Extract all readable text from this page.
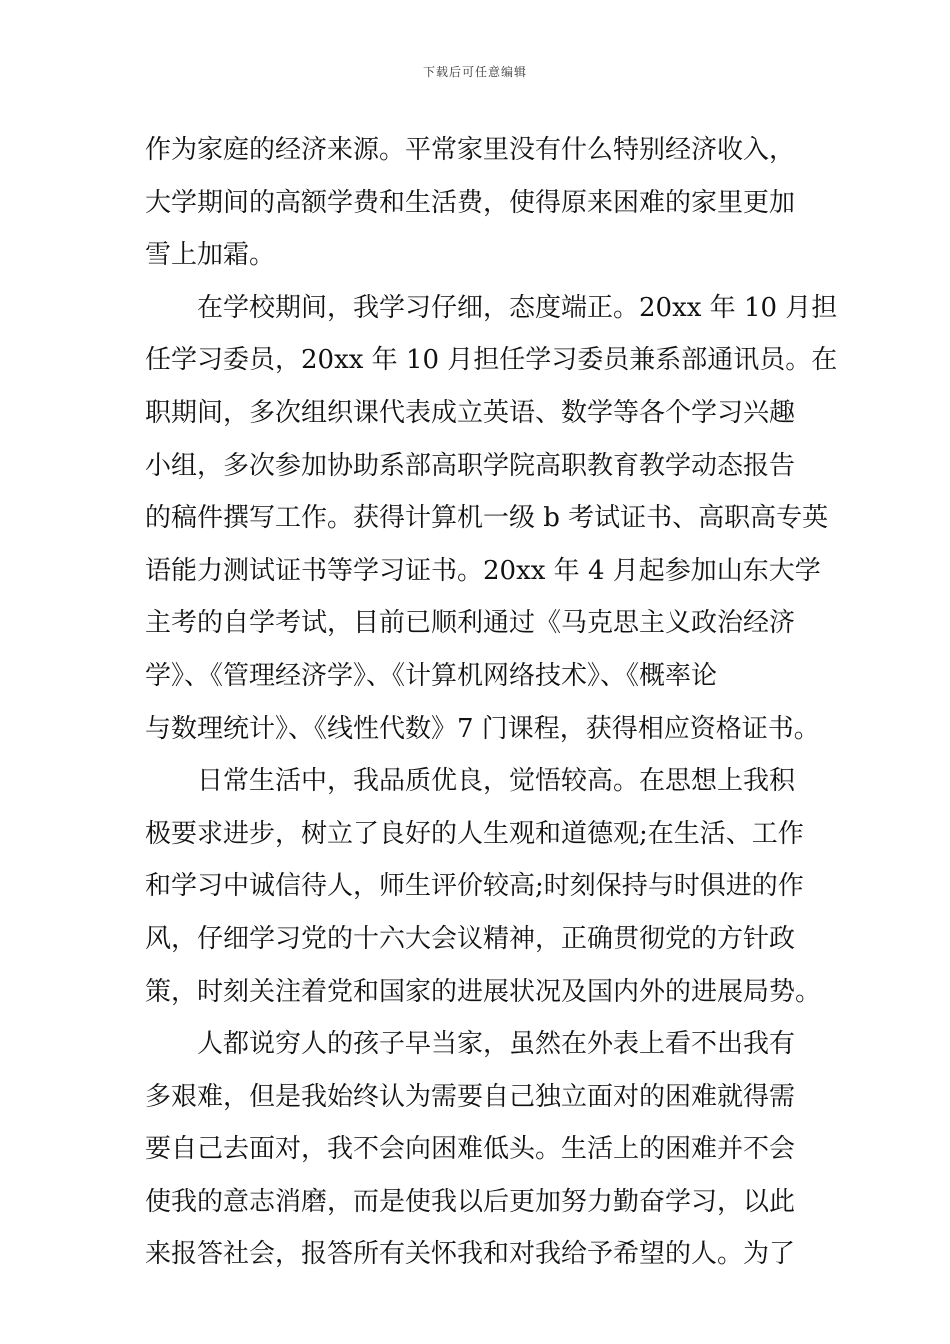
下载后可任意编辑
作为家庭的经济来源。平常家里没有什么特别经济收入，
大学期间的高额学费和生活费，使得原来困难的家里更加
雪上加霜。
在学校期间，我学习仔细，态度端正。20xx 年 10 月担
任学习委员，20xx 年 10 月担任学习委员兼系部通讯员。在
职期间，多次组织课代表成立英语、数学等各个学习兴趣
小组，多次参加协助系部高职学院高职教育教学动态报告
的稿件撰写工作。获得计算机一级 b 考试证书、高职高专英
语能力测试证书等学习证书。20xx 年 4 月起参加山东大学
主考的自学考试，目前已顺利通过《马克思主义政治经济
学》、《管理经济学》、《计算机网络技术》、《概率论
与数理统计》、《线性代数》7 门课程，获得相应资格证书。
日常生活中，我品质优良，觉悟较高。在思想上我积
极要求进步，树立了良好的人生观和道德观;在生活、工作
和学习中诚信待人，师生评价较高;时刻保持与时俱进的作
风，仔细学习党的十六大会议精神，正确贯彻党的方针政
策，时刻关注着党和国家的进展状况及国内外的进展局势。
人都说穷人的孩子早当家，虽然在外表上看不出我有
多艰难，但是我始终认为需要自己独立面对的困难就得需
要自己去面对，我不会向困难低头。生活上的困难并不会
使我的意志消磨，而是使我以后更加努力勤奋学习，以此
来报答社会，报答所有关怀我和对我给予希望的人。为了
